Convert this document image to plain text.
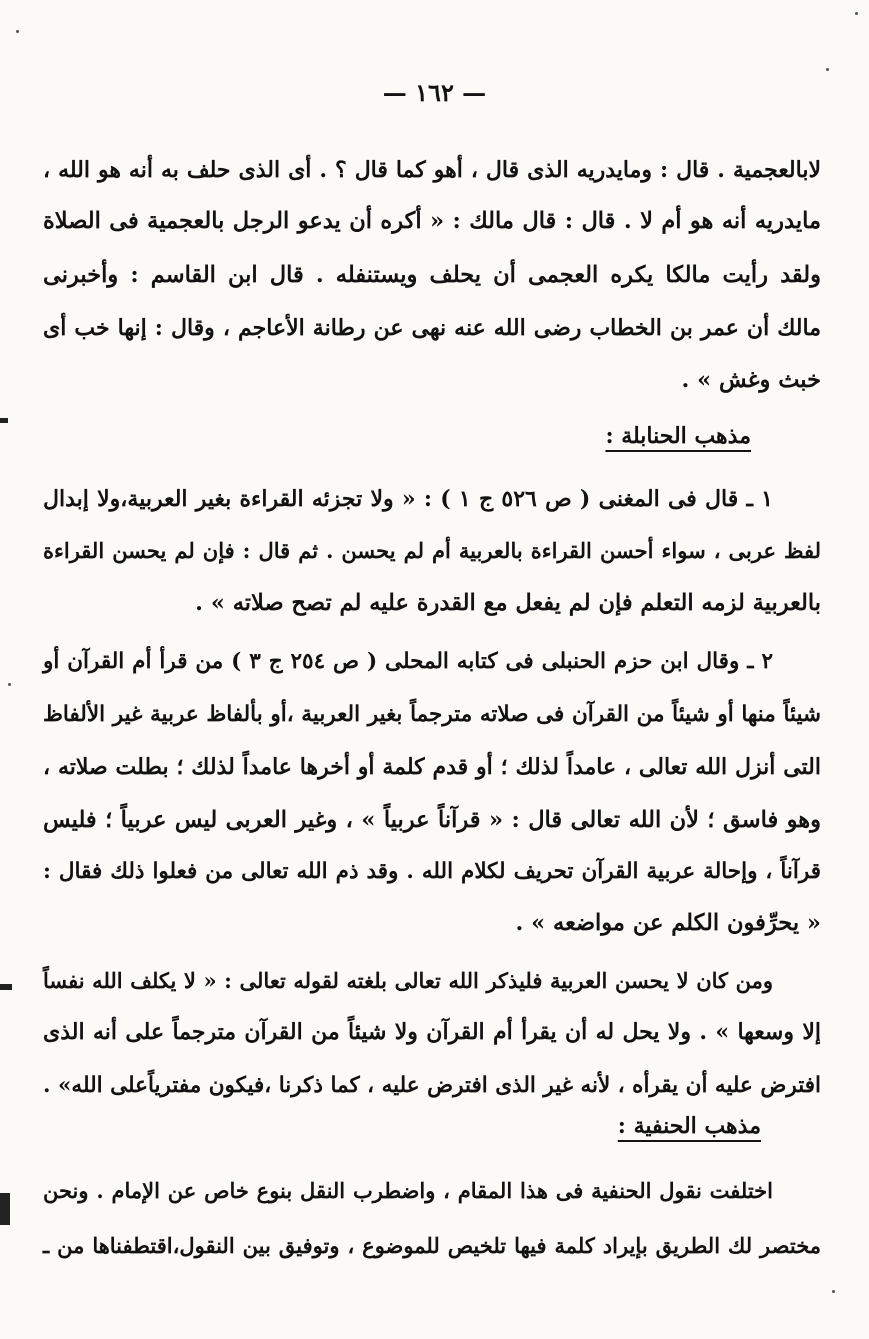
— ١٦٢ —
لابالعجمية . قال : ومايدريه الذى قال ، أهو كما قال ؟ . أى الذى حلف به أنه هو الله ،
مايدريه أنه هو أم لا . قال : قال مالك : « أكره أن يدعو الرجل بالعجمية فى الصلاة
ولقد رأيت مالكا يكره العجمى أن يحلف ويستنفله . قال ابن القاسم : وأخبرنى
مالك أن عمر بن الخطاب رضى الله عنه نهى عن رطانة الأعاجم ، وقال : إنها خب أى
خبث وغش » .
مذهب الحنابلة :
١ ـ قال فى المغنى ( ص ٥٢٦ ج ١ ) : « ولا تجزئه القراءة بغير العربية،ولا إبدال
لفظ عربى ، سواء أحسن القراءة بالعربية أم لم يحسن . ثم قال : فإن لم يحسن القراءة
بالعربية لزمه التعلم فإن لم يفعل مع القدرة عليه لم تصح صلاته » .
٢ ـ وقال ابن حزم الحنبلى فى كتابه المحلى ( ص ٢٥٤ ج ٣ ) من قرأ أم القرآن أو
شيئاً منها أو شيئاً من القرآن فى صلاته مترجماً بغير العربية ،أو بألفاظ عربية غير الألفاظ
التى أنزل الله تعالى ، عامداً لذلك ؛ أو قدم كلمة أو أخرها عامداً لذلك ؛ بطلت صلاته ،
وهو فاسق ؛ لأن الله تعالى قال : « قرآناً عربياً » ، وغير العربى ليس عربياً ؛ فليس
قرآناً ، وإحالة عربية القرآن تحريف لكلام الله . وقد ذم الله تعالى من فعلوا ذلك فقال :
« يحرِّفون الكلم عن مواضعه » .
ومن كان لا يحسن العربية فليذكر الله تعالى بلغته لقوله تعالى : « لا يكلف الله نفساً
إلا وسعها » . ولا يحل له أن يقرأ أم القرآن ولا شيئاً من القرآن مترجماً على أنه الذى
افترض عليه أن يقرأه ، لأنه غير الذى افترض عليه ، كما ذكرنا ،فيكون مفترياًعلى الله» .
مذهب الحنفية :
اختلفت نقول الحنفية فى هذا المقام ، واضطرب النقل بنوع خاص عن الإمام . ونحن
مختصر لك الطريق بإيراد كلمة فيها تلخيص للموضوع ، وتوفيق بين النقول،اقتطفناها من ـ
